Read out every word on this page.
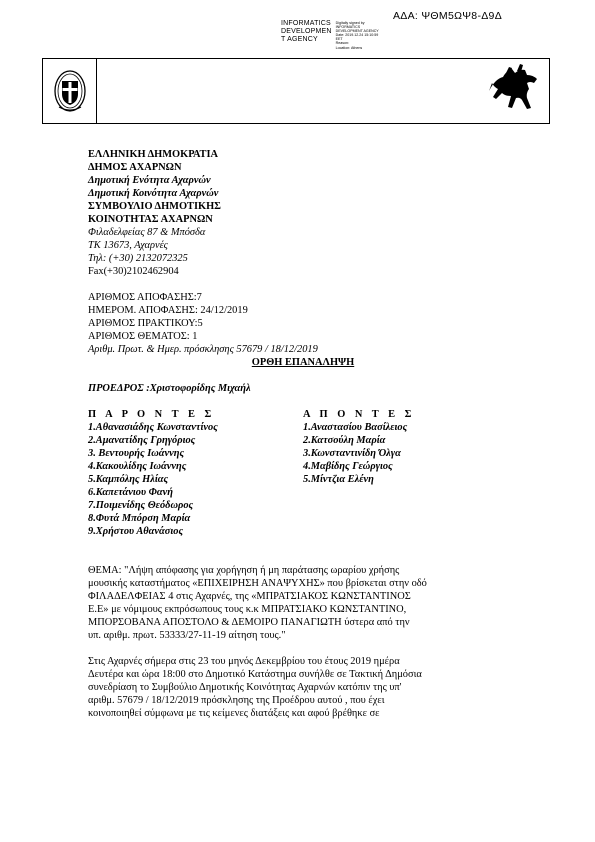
ΑΔΑ: ΨΘΜ5ΩΨ8-Δ9Δ
INFORMATICS
DEVELOPMEN
T AGENCY
Digitally signed by
INFORMATICS
DEVELOPMENT AGENCY
Date: 2019.12.24 15:10:59
EET
Reason:
Location: Athens
ΕΛΛΗΝΙΚΗ ΔΗΜΟΚΡΑΤΙΑ
ΔΗΜΟΣ ΑΧΑΡΝΩΝ
Δημοτική Ενότητα Αχαρνών
Δημοτική Κοινότητα Αχαρνών
ΣΥΜΒΟΥΛΙΟ ΔΗΜΟΤΙΚΗΣ
ΚΟΙΝΟΤΗΤΑΣ ΑΧΑΡΝΩΝ
Φιλαδελφείας 87 & Μπόσδα
ΤΚ 13673, Αχαρνές
Τηλ: (+30) 2132072325
Fax(+30)2102462904
ΑΡΙΘΜΟΣ ΑΠΟΦΑΣΗΣ:7
ΗΜΕΡΟΜ. ΑΠΟΦΑΣΗΣ: 24/12/2019
ΑΡΙΘΜΟΣ ΠΡΑΚΤΙΚΟΥ:5
ΑΡΙΘΜΟΣ ΘΕΜΑΤΟΣ: 1
Αριθμ. Πρωτ. & Ημερ. πρόσκλησης 57679 / 18/12/2019
ΟΡΘΗ ΕΠΑΝΑΛΗΨΗ
ΠΡΟΕΔΡΟΣ :Χριστοφορίδης Μιχαήλ
Π Α Ρ Ο Ν Τ Ε Σ
1.Αθανασιάδης Κωνσταντίνος
2.Αμανατίδης Γρηγόριος
3. Βεντουρής Ιωάννης
4.Κακουλίδης Ιωάννης
5.Καμπόλης Ηλίας
6.Καπετάνιου Φανή
7.Ποιμενίδης Θεόδωρος
8.Φυτά Μπόρση Μαρία
9.Χρήστου Αθανάσιος
Α Π Ο Ν Τ Ε Σ
1.Αναστασίου Βασίλειος
2.Κατσούλη Μαρία
3.Κωνσταντινίδη Όλγα
4.Μαβίδης Γεώργιος
5.Μίντζια Ελένη
ΘΕΜΑ: "Λήψη απόφασης για χορήγηση ή μη παράτασης ωραρίου χρήσης
μουσικής καταστήματος «ΕΠΙΧΕΙΡΗΣΗ ΑΝΑΨΥΧΗΣ» που βρίσκεται στην οδό
ΦΙΛΑΔΕΛΦΕΙΑΣ 4 στις Αχαρνές, της «ΜΠΡΑΤΣΙΑΚΟΣ ΚΩΝΣΤΑΝΤΙΝΟΣ
Ε.Ε» με νόμιμους εκπρόσωπους τους κ.κ ΜΠΡΑΤΣΙΑΚΟ ΚΩΝΣΤΑΝΤΙΝΟ,
ΜΠΟΡΣΟΒΑΝΑ ΑΠΟΣΤΟΛΟ & ΔΕΜΟΙΡΟ ΠΑΝΑΓΙΩΤΗ ύστερα από την
υπ. αριθμ. πρωτ. 53333/27-11-19 αίτηση τους."
Στις Αχαρνές σήμερα στις 23 του μηνός Δεκεμβρίου του έτους 2019 ημέρα
Δευτέρα και ώρα 18:00 στο Δημοτικό Κατάστημα συνήλθε σε Τακτική Δημόσια
συνεδρίαση το Συμβούλιο Δημοτικής Κοινότητας Αχαρνών κατόπιν της υπ'
αριθμ. 57679 / 18/12/2019 πρόσκλησης της Προέδρου αυτού , που έχει
κοινοποιηθεί σύμφωνα με τις κείμενες διατάξεις και αφού βρέθηκε σε
